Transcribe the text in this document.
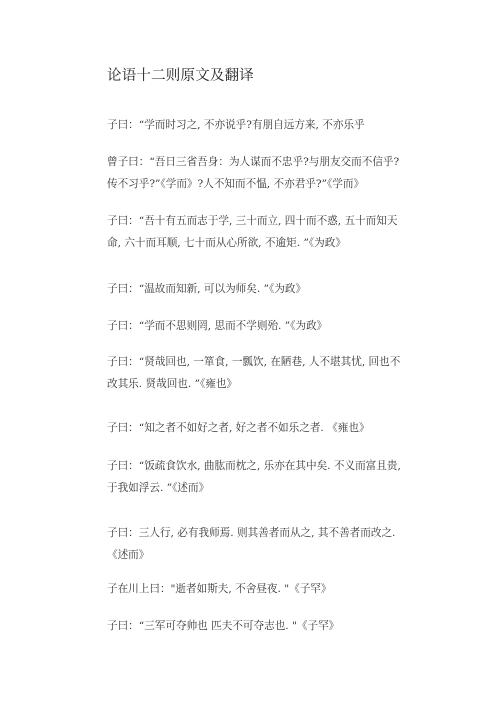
论语十二则原文及翻译
子曰：“学而时习之, 不亦说乎?有朋自远方来, 不亦乐乎
曾子曰：“吾日三省吾身：为人谋而不忠乎?与朋友交而不信乎?
传不习乎?”《学而》?人不知而不愠, 不亦君乎?”《学而》
子曰：“吾十有五而志于学, 三十而立, 四十而不惑, 五十而知天
命, 六十而耳顺, 七十而从心所欲, 不逾矩. ”《为政》
子曰：“温故而知新, 可以为师矣. ”《为政》
子曰：“学而不思则罔, 思而不学则殆. ”《为政》
子曰：“贤哉回也, 一箪食, 一瓢饮, 在陋巷, 人不堪其忧, 回也不
改其乐. 贤哉回也. ”《雍也》
子曰：“知之者不如好之者, 好之者不如乐之者. 《雍也》
子曰：“饭疏食饮水, 曲肱而枕之, 乐亦在其中矣. 不义而富且贵,
于我如浮云. ”《述而》
子曰：三人行, 必有我师焉. 则其善者而从之, 其不善者而改之.
《述而》
子在川上曰："逝者如斯夫, 不舍昼夜. "《子罕》
子曰：“三军可夺帅也 匹夫不可夺志也. "《子罕》
